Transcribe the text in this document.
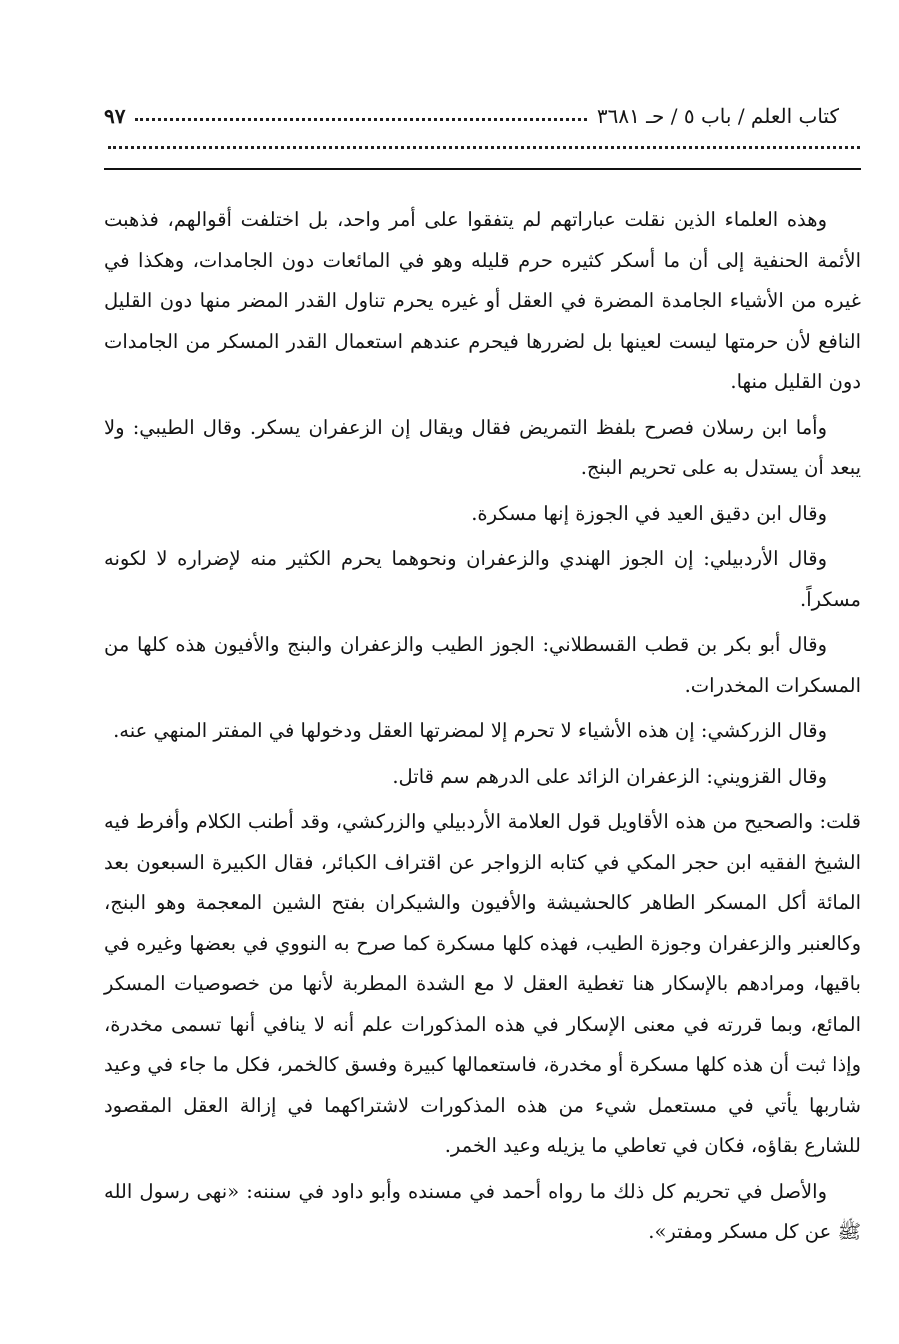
كتاب العلم / باب ٥ / حـ ٣٦٨١
٩٧

وهذه العلماء الذين نقلت عباراتهم لم يتفقوا على أمر واحد، بل اختلفت أقوالهم، فذهبت الأئمة الحنفية إلى أن ما أسكر كثيره حرم قليله وهو في المائعات دون الجامدات، وهكذا في غيره من الأشياء الجامدة المضرة في العقل أو غيره يحرم تناول القدر المضر منها دون القليل النافع لأن حرمتها ليست لعينها بل لضررها فيحرم عندهم استعمال القدر المسكر من الجامدات دون القليل منها.

وأما ابن رسلان فصرح بلفظ التمريض فقال ويقال إن الزعفران يسكر. وقال الطيبي: ولا يبعد أن يستدل به على تحريم البنج.

وقال ابن دقيق العيد في الجوزة إنها مسكرة.

وقال الأردبيلي: إن الجوز الهندي والزعفران ونحوهما يحرم الكثير منه لإضراره لا لكونه مسكراً.

وقال أبو بكر بن قطب القسطلاني: الجوز الطيب والزعفران والبنج والأفيون هذه كلها من المسكرات المخدرات.

وقال الزركشي: إن هذه الأشياء لا تحرم إلا لمضرتها العقل ودخولها في المفتر المنهي عنه.

وقال القزويني: الزعفران الزائد على الدرهم سم قاتل.

قلت: والصحيح من هذه الأقاويل قول العلامة الأردبيلي والزركشي، وقد أطنب الكلام وأفرط فيه الشيخ الفقيه ابن حجر المكي في كتابه الزواجر عن اقتراف الكبائر، فقال الكبيرة السبعون بعد المائة أكل المسكر الطاهر كالحشيشة والأفيون والشيكران بفتح الشين المعجمة وهو البنج، وكالعنبر والزعفران وجوزة الطيب، فهذه كلها مسكرة كما صرح به النووي في بعضها وغيره في باقيها، ومرادهم بالإسكار هنا تغطية العقل لا مع الشدة المطربة لأنها من خصوصيات المسكر المائع، وبما قررته في معنى الإسكار في هذه المذكورات علم أنه لا ينافي أنها تسمى مخدرة، وإذا ثبت أن هذه كلها مسكرة أو مخدرة، فاستعمالها كبيرة وفسق كالخمر، فكل ما جاء في وعيد شاربها يأتي في مستعمل شيء من هذه المذكورات لاشتراكهما في إزالة العقل المقصود للشارع بقاؤه، فكان في تعاطي ما يزيله وعيد الخمر.

والأصل في تحريم كل ذلك ما رواه أحمد في مسنده وأبو داود في سننه: «نهى رسول الله ﷺ عن كل مسكر ومفتر».
